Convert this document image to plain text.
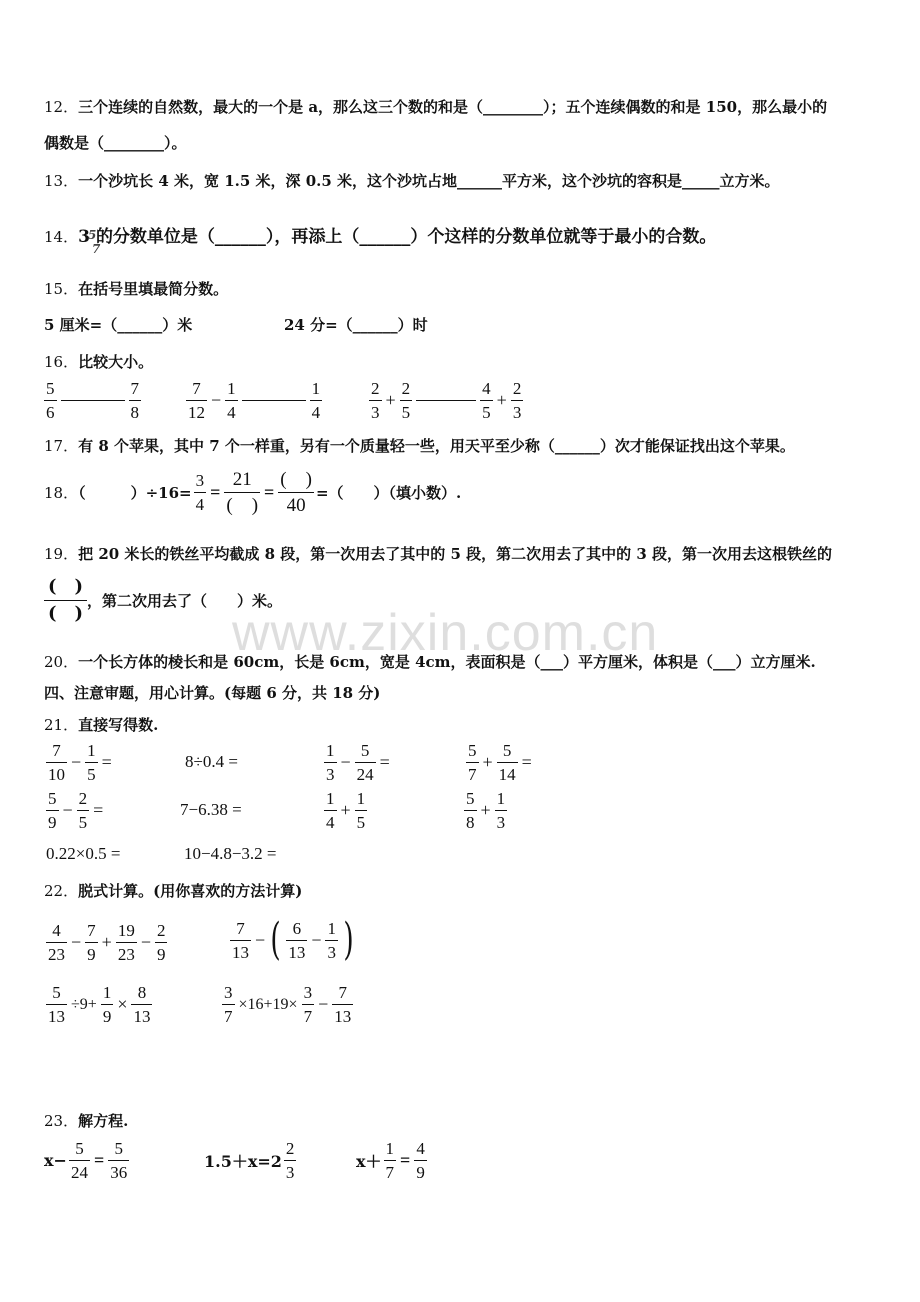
12．三个连续的自然数，最大的一个是 a，那么这三个数的和是（________）；五个连续偶数的和是 150，那么最小的
偶数是（________）。
13．一个沙坑长 4 米，宽 1.5 米，深 0.5 米，这个沙坑占地______平方米，这个沙坑的容积是_____立方米。
14．3
5
7
的分数单位是（______），再添上（______）个这样的分数单位就等于最小的合数。
15．在括号里填最简分数。
5 厘米=（______）米	24 分=（______）时
16．比较大小。
$\frac{5}{6}$	$\frac{7}{8}$	$\frac{7}{12} - \frac{1}{4}$	$\frac{1}{4}$	$\frac{2}{3} + \frac{2}{5}$	$\frac{4}{5} + \frac{2}{3}$
17．有 8 个苹果，其中 7 个一样重，另有一个质量轻一些，用天平至少称（______）次才能保证找出这个苹果。
18．（　　　）$\div 16= \frac{3}{4} = \frac{21}{( )} = \frac{( )}{40}$ =（　　）（填小数）.
19．把 20 米长的铁丝平均截成 8 段，第一次用去了其中的 5 段，第二次用去了其中的 3 段，第一次用去这根铁丝的
$\frac{( )}{( )}$ ，第二次用去了（　　）米。
www.zixin.com.cn
20．一个长方体的棱长和是 60cm，长是 6cm，宽是 4cm，表面积是（___）平方厘米，体积是（___）立方厘米.
四、注意审题，用心计算。(每题 6 分，共 18 分)
21．直接写得数.
$\frac{7}{10} - \frac{1}{5}$ =	8÷0.4 =	$\frac{1}{3} - \frac{5}{24}$ =	$\frac{5}{7} + \frac{5}{14}$ =
$\frac{5}{9} - \frac{2}{5}$ =	7−6.38 =	$\frac{1}{4} + \frac{1}{5}$	$\frac{5}{8} + \frac{1}{3}$
0.22×0.5 =	10−4.8−3.2 =
22．脱式计算。(用你喜欢的方法计算)
$\frac{4}{23} - \frac{7}{9} + \frac{19}{23} - \frac{2}{9}$	$\frac{7}{13}$ − ( $\frac{6}{13} - \frac{1}{3}$ )
$\frac{5}{13} \div 9+ \frac{1}{9} \times \frac{8}{13}$	$\frac{3}{7} \times 16+19\times \frac{3}{7} - \frac{7}{13}$
23．解方程.
$x- \frac{5}{24} = \frac{5}{36}$	$1.5+x=2 \frac{2}{3}$	$x+ \frac{1}{7} = \frac{4}{9}$
